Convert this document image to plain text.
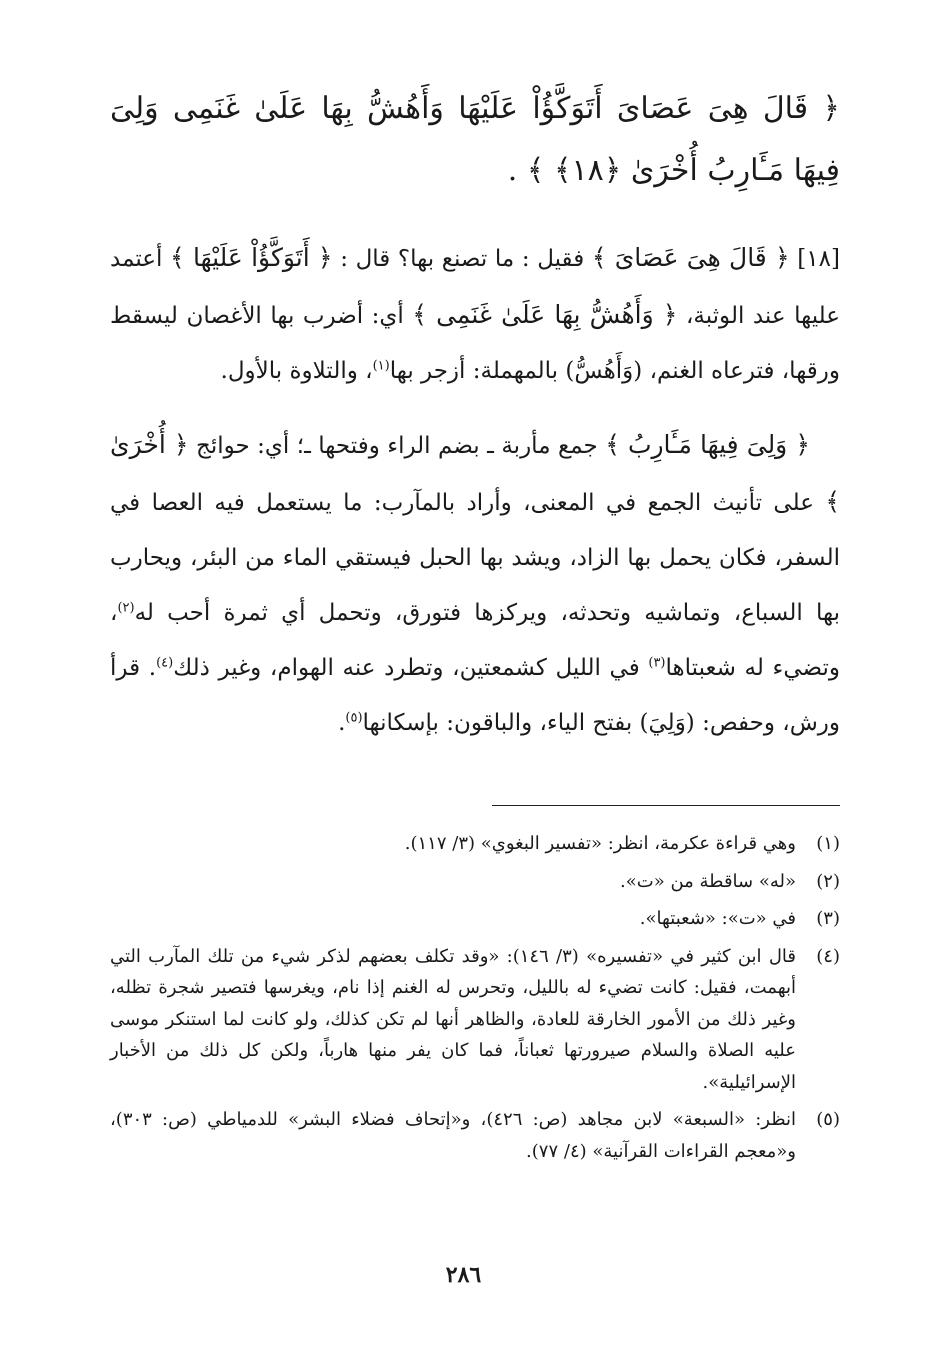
﴿ قَالَ هِىَ عَصَاىَ أَتَوَكَّؤُاْ عَلَيْهَا وَأَهُشُّ بِهَا عَلَىٰ غَنَمِى وَلِىَ فِيهَا مَـَٔارِبُ أُخْرَىٰ ﴿١٨﴾ ﴾ .

[١٨] ﴿ قَالَ هِىَ عَصَاىَ ﴾ فقيل : ما تصنع بها؟ قال : ﴿ أَتَوَكَّؤُاْ عَلَيْهَا ﴾ أعتمد عليها عند الوثبة، ﴿ وَأَهُشُّ بِهَا عَلَىٰ غَنَمِى ﴾ أي: أضرب بها الأغصان ليسقط ورقها، فترعاه الغنم، (وَأَهُسُّ) بالمهملة: أزجر بها$^{(١)}$، والتلاوة بالأول.

﴿ وَلِىَ فِيهَا مَـَٔارِبُ ﴾ جمع مأربة ـ بضم الراء وفتحها ـ؛ أي: حوائج ﴿ أُخْرَىٰ ﴾ على تأنيث الجمع في المعنى، وأراد بالمآرب: ما يستعمل فيه العصا في السفر، فكان يحمل بها الزاد، ويشد بها الحبل فيستقي الماء من البئر، ويحارب بها السباع، وتماشيه وتحدثه، ويركزها فتورق، وتحمل أي ثمرة أحب له$^{(٢)}$، وتضيء له شعبتاها$^{(٣)}$ في الليل كشمعتين، وتطرد عنه الهوام، وغير ذلك$^{(٤)}$. قرأ ورش، وحفص: (وَلِيَ) بفتح الياء، والباقون: بإسكانها$^{(٥)}$.

(١)
وهي قراءة عكرمة، انظر: «تفسير البغوي» (٣/ ١١٧).
(٢)
«له» ساقطة من «ت».
(٣)
في «ت»: «شعبتها».
(٤)
قال ابن كثير في «تفسيره» (٣/ ١٤٦): «وقد تكلف بعضهم لذكر شيء من تلك المآرب التي أبهمت، فقيل: كانت تضيء له بالليل، وتحرس له الغنم إذا نام، ويغرسها فتصير شجرة تظله، وغير ذلك من الأمور الخارقة للعادة، والظاهر أنها لم تكن كذلك، ولو كانت لما استنكر موسى عليه الصلاة والسلام صيرورتها ثعباناً، فما كان يفر منها هارباً، ولكن كل ذلك من الأخبار الإسرائيلية».
(٥)
انظر: «السبعة» لابن مجاهد (ص: ٤٢٦)، و«إتحاف فضلاء البشر» للدمياطي (ص: ٣٠٣)، و«معجم القراءات القرآنية» (٤/ ٧٧).
٢٨٦
